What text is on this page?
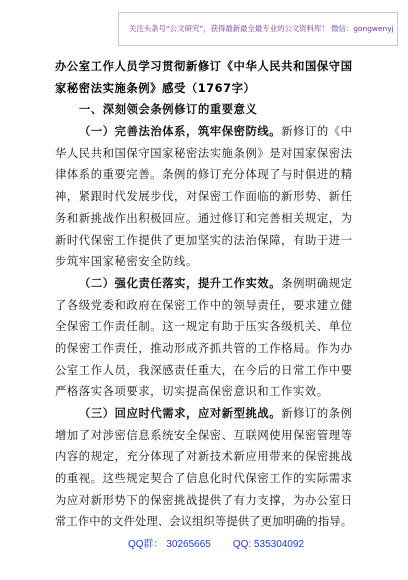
关注头条号“公文研究”，获得最新最全最专业的公文资料库！ 微信：gongwenyj
办公室工作人员学习贯彻新修订《中华人民共和国保守国
家秘密法实施条例》感受（1767字）
一、深刻领会条例修订的重要意义
（一）完善法治体系，筑牢保密防线。新修订的《中
华人民共和国保守国家秘密法实施条例》是对国家保密法
律体系的重要完善。条例的修订充分体现了与时俱进的精
神，紧跟时代发展步伐，对保密工作面临的新形势、新任
务和新挑战作出积极回应。通过修订和完善相关规定，为
新时代保密工作提供了更加坚实的法治保障，有助于进一
步筑牢国家秘密安全防线。
（二）强化责任落实，提升工作实效。条例明确规定
了各级党委和政府在保密工作中的领导责任，要求建立健
全保密工作责任制。这一规定有助于压实各级机关、单位
的保密工作责任，推动形成齐抓共管的工作格局。作为办
公室工作人员，我深感责任重大，在今后的日常工作中要
严格落实各项要求，切实提高保密意识和工作实效。
（三）回应时代需求，应对新型挑战。新修订的条例
增加了对涉密信息系统安全保密、互联网使用保密管理等
内容的规定，充分体现了对新技术新应用带来的保密挑战
的重视。这些规定契合了信息化时代保密工作的实际需求
为应对新形势下的保密挑战提供了有力支撑，为办公室日
常工作中的文件处理、会议组织等提供了更加明确的指导。
QQ群： 30265665 QQ: 535304092
